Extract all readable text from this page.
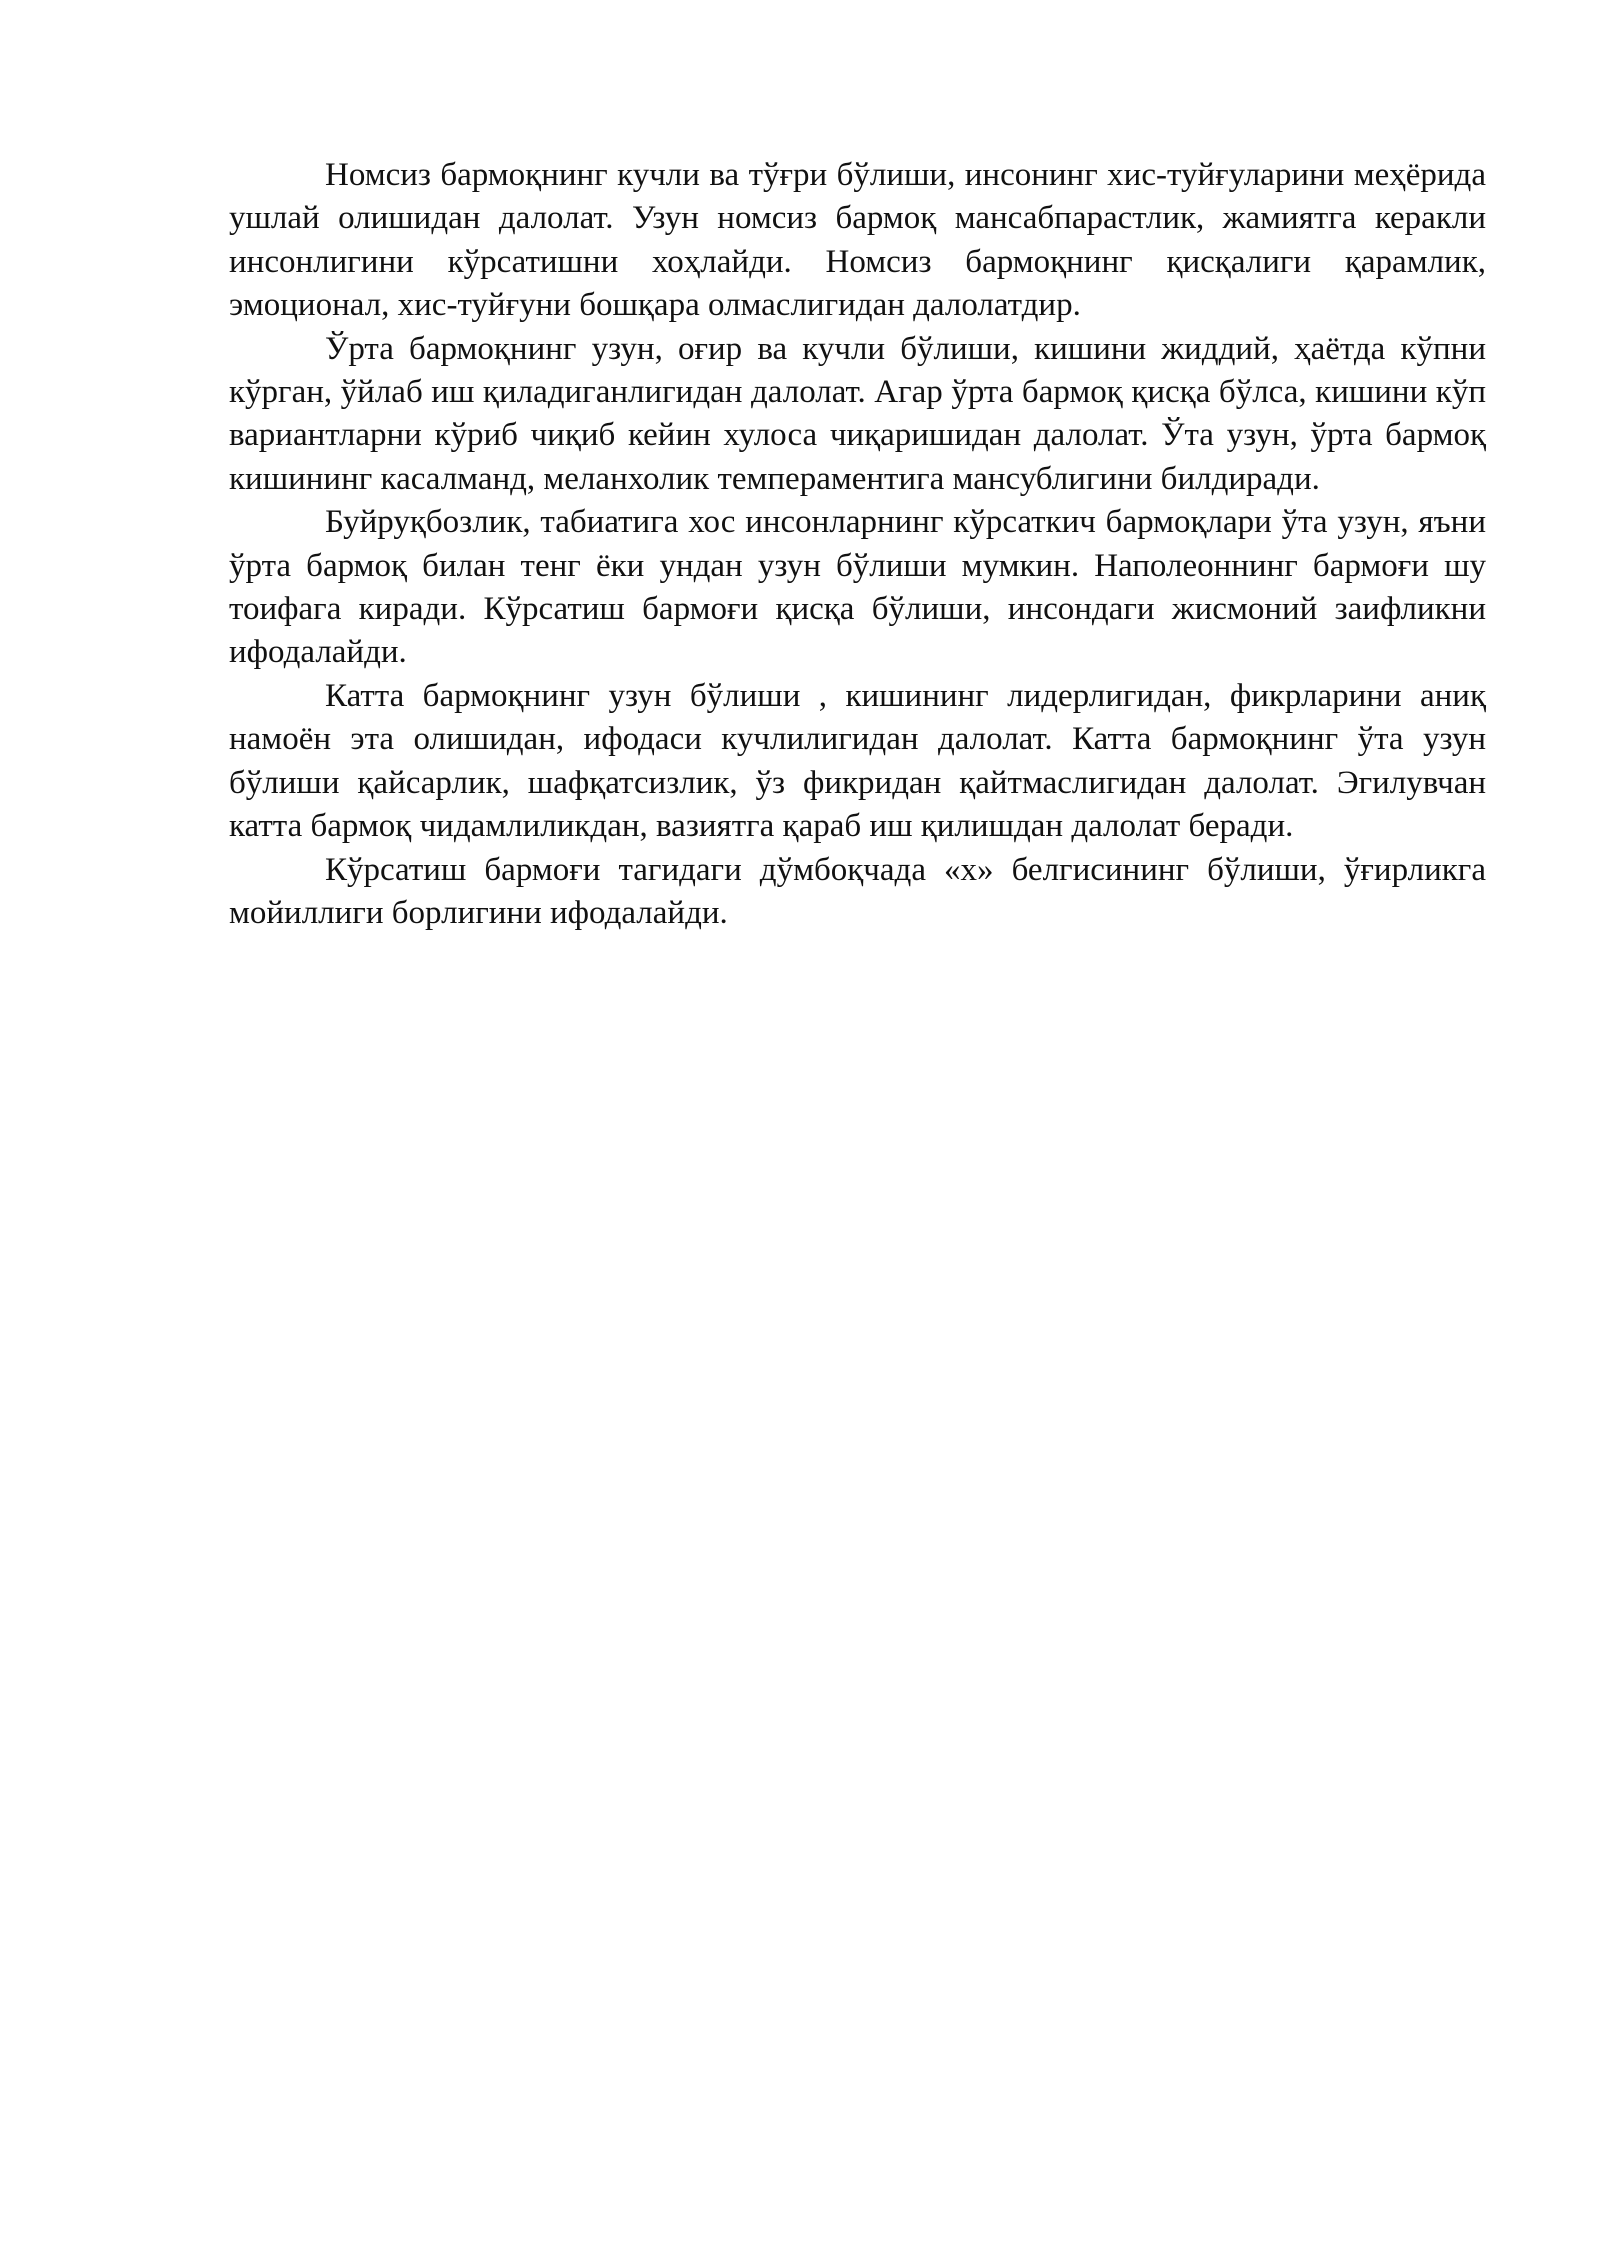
Номсиз бармоқнинг кучли ва тўғри бўлиши, инсонинг хис-туйғуларини меҳёрида ушлай олишидан далолат. Узун номсиз бармоқ мансабпарастлик, жамиятга керакли инсонлигини кўрсатишни хоҳлайди. Номсиз бармоқнинг қисқалиги қарамлик, эмоционал, хис-туйғуни бошқара олмаслигидан далолатдир.

Ўрта бармоқнинг узун, оғир ва кучли бўлиши, кишини жиддий, ҳаётда кўпни кўрган, ўйлаб иш қиладиганлигидан далолат. Агар ўрта бармоқ қисқа бўлса, кишини кўп вариантларни кўриб чиқиб кейин хулоса чиқаришидан далолат. Ўта узун, ўрта бармоқ кишининг касалманд, меланхолик темпераментига мансублигини билдиради.

Буйруқбозлик, табиатига хос инсонларнинг кўрсаткич бармоқлари ўта узун, яъни ўрта бармоқ билан тенг ёки ундан узун бўлиши мумкин. Наполеоннинг бармоғи шу тоифага киради. Кўрсатиш бармоғи қисқа бўлиши, инсондаги жисмоний заифликни ифодалайди.

Катта бармоқнинг узун бўлиши , кишининг лидерлигидан, фикрларини аниқ намоён эта олишидан, ифодаси кучлилигидан далолат. Катта бармоқнинг ўта узун бўлиши қайсарлик, шафқатсизлик, ўз фикридан қайтмаслигидан далолат. Эгилувчан катта бармоқ чидамлиликдан, вазиятга қараб иш қилишдан далолат беради.

Кўрсатиш бармоғи тагидаги дўмбоқчада «х» белгисининг бўлиши, ўғирликга мойиллиги борлигини ифодалайди.
